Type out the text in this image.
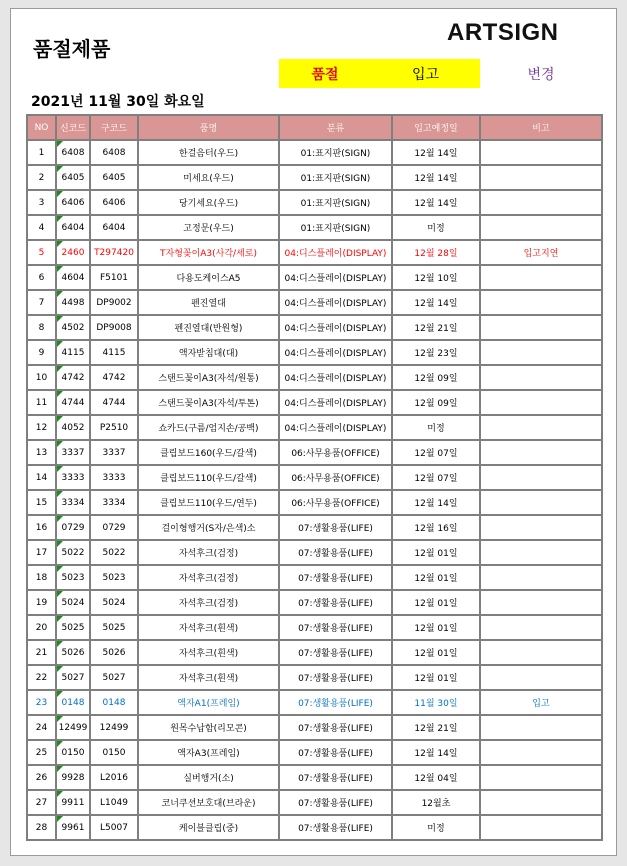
품절제품
ARTSIGN
품절	입고	변경
2021년 11월 30일 화요일
NO	신코드	구코드	품명	분류	입고예정일	비고
1	6408	6408	한걸음터(우드)	01:표지판(SIGN)	12월 14일	
2	6405	6405	미세요(우드)	01:표지판(SIGN)	12월 14일	
3	6406	6406	당기세요(우드)	01:표지판(SIGN)	12월 14일	
4	6404	6404	고정문(우드)	01:표지판(SIGN)	미정	
5	2460	T297420	T자형꽂이A3(사각/세로)	04:디스플레이(DISPLAY)	12월 28일	입고지연
6	4604	F5101	다용도케이스A5	04:디스플레이(DISPLAY)	12월 10일	
7	4498	DP9002	펜진열대	04:디스플레이(DISPLAY)	12월 14일	
8	4502	DP9008	펜진열대(반원형)	04:디스플레이(DISPLAY)	12월 21일	
9	4115	4115	액자받침대(대)	04:디스플레이(DISPLAY)	12월 23일	
10	4742	4742	스탠드꽂이A3(자석/원통)	04:디스플레이(DISPLAY)	12월 09일	
11	4744	4744	스탠드꽂이A3(자석/투톤)	04:디스플레이(DISPLAY)	12월 09일	
12	4052	P2510	쇼카드(구름/엄지손/공백)	04:디스플레이(DISPLAY)	미정	
13	3337	3337	클립보드160(우드/갈색)	06:사무용품(OFFICE)	12월 07일	
14	3333	3333	클립보드110(우드/갈색)	06:사무용품(OFFICE)	12월 07일	
15	3334	3334	클립보드110(우드/연두)	06:사무용품(OFFICE)	12월 14일	
16	0729	0729	걸이형행거(S자/은색)소	07:생활용품(LIFE)	12월 16일	
17	5022	5022	자석후크(검정)	07:생활용품(LIFE)	12월 01일	
18	5023	5023	자석후크(검정)	07:생활용품(LIFE)	12월 01일	
19	5024	5024	자석후크(검정)	07:생활용품(LIFE)	12월 01일	
20	5025	5025	자석후크(흰색)	07:생활용품(LIFE)	12월 01일	
21	5026	5026	자석후크(흰색)	07:생활용품(LIFE)	12월 01일	
22	5027	5027	자석후크(흰색)	07:생활용품(LIFE)	12월 01일	
23	0148	0148	액자A1(프레임)	07:생활용품(LIFE)	11월 30일	입고
24	12499	12499	원목수납함(리모콘)	07:생활용품(LIFE)	12월 21일	
25	0150	0150	액자A3(프레임)	07:생활용품(LIFE)	12월 14일	
26	9928	L2016	실버행거(소)	07:생활용품(LIFE)	12월 04일	
27	9911	L1049	코너쿠션보호대(브라운)	07:생활용품(LIFE)	12월초	
28	9961	L5007	케이블클립(중)	07:생활용품(LIFE)	미정	
